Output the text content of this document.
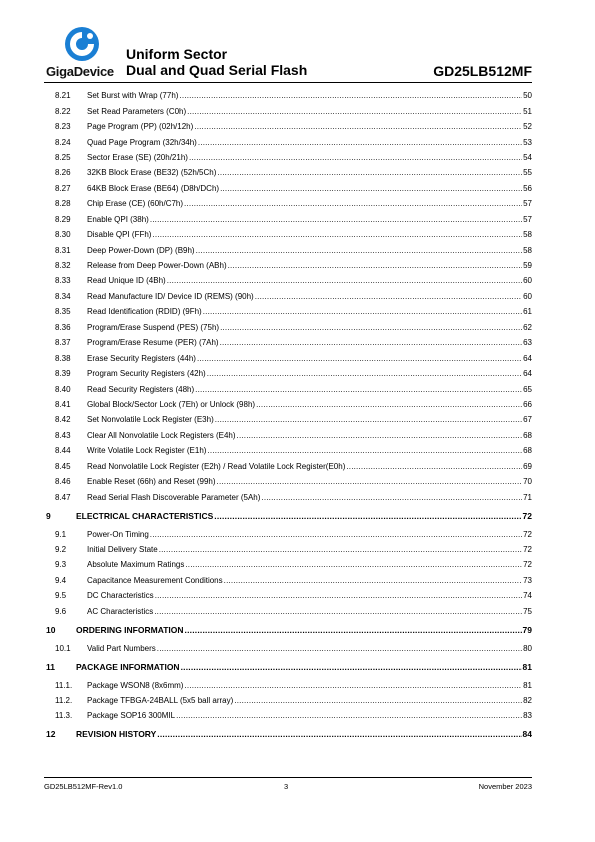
GigaDevice
Uniform Sector
Dual and Quad Serial Flash	GD25LB512MF
8.21	Set Burst with Wrap (77h) .....	50
8.22	Set Read Parameters (C0h) .....	51
8.23	Page Program (PP) (02h/12h) .....	52
8.24	Quad Page Program (32h/34h) .....	53
8.25	Sector Erase (SE) (20h/21h) .....	54
8.26	32KB Block Erase (BE32) (52h/5Ch) .....	55
8.27	64KB Block Erase (BE64) (D8h/DCh) .....	56
8.28	Chip Erase (CE) (60h/C7h) .....	57
8.29	Enable QPI (38h) .....	57
8.30	Disable QPI (FFh) .....	58
8.31	Deep Power-Down (DP) (B9h) .....	58
8.32	Release from Deep Power-Down (ABh) .....	59
8.33	Read Unique ID (4Bh) .....	60
8.34	Read Manufacture ID/ Device ID (REMS) (90h) .....	60
8.35	Read Identification (RDID) (9Fh) .....	61
8.36	Program/Erase Suspend (PES) (75h) .....	62
8.37	Program/Erase Resume (PER) (7Ah) .....	63
8.38	Erase Security Registers (44h) .....	64
8.39	Program Security Registers (42h) .....	64
8.40	Read Security Registers (48h) .....	65
8.41	Global Block/Sector Lock (7Eh) or Unlock (98h) .....	66
8.42	Set Nonvolatile Lock Register (E3h) .....	67
8.43	Clear All Nonvolatile Lock Registers (E4h) .....	68
8.44	Write Volatile Lock Register (E1h) .....	68
8.45	Read Nonvolatile Lock Register (E2h) / Read Volatile Lock Register(E0h) .....	69
8.46	Enable Reset (66h) and Reset (99h) .....	70
8.47	Read Serial Flash Discoverable Parameter (5Ah) .....	71
9	ELECTRICAL CHARACTERISTICS .....	72
9.1	Power-On Timing .....	72
9.2	Initial Delivery State .....	72
9.3	Absolute Maximum Ratings .....	72
9.4	Capacitance Measurement Conditions .....	73
9.5	DC Characteristics .....	74
9.6	AC Characteristics .....	75
10	ORDERING INFORMATION .....	79
10.1	Valid Part Numbers .....	80
11	PACKAGE INFORMATION .....	81
11.1.	Package WSON8 (8x6mm) .....	81
11.2.	Package TFBGA-24BALL (5x5 ball array) .....	82
11.3.	Package SOP16 300MIL .....	83
12	REVISION HISTORY .....	84
GD25LB512MF-Rev1.0	3	November 2023
